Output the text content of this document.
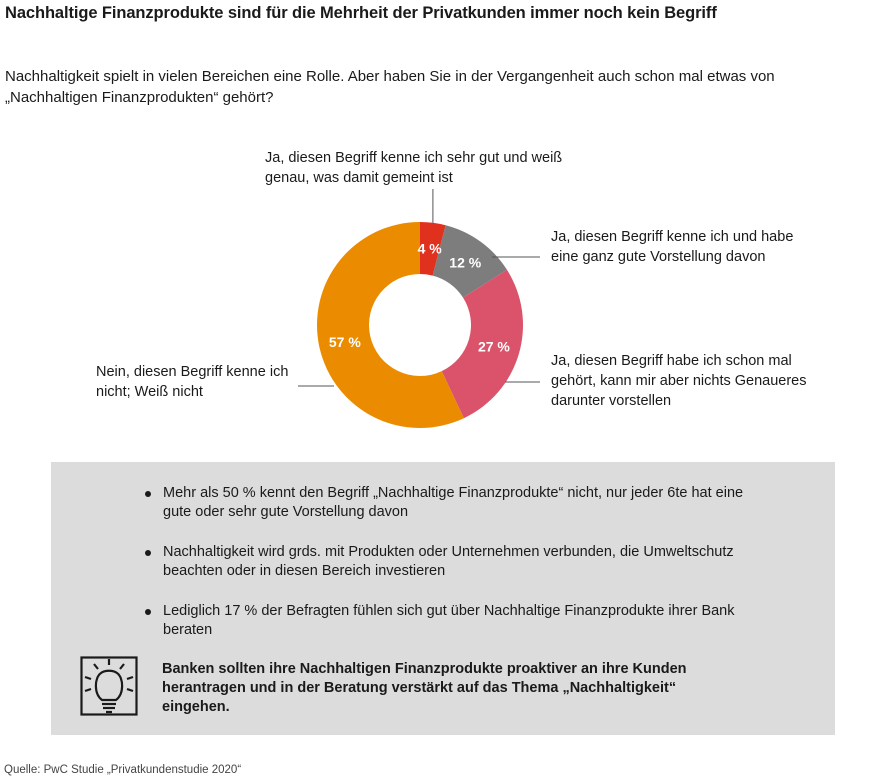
Nachhaltige Finanzprodukte sind für die Mehrheit der Privatkunden immer noch kein Begriff
Nachhaltigkeit spielt in vielen Bereichen eine Rolle. Aber haben Sie in der Vergangenheit auch schon mal etwas von „Nachhaltigen Finanzprodukten“ gehört?
4 %
12 %
27 %
57 %
Ja, diesen Begriff kenne ich sehr gut und weiß genau, was damit gemeint ist
Ja, diesen Begriff kenne ich und habe eine ganz gute Vorstellung davon
Ja, diesen Begriff habe ich schon mal gehört, kann mir aber nichts Genaueres darunter vorstellen
Nein, diesen Begriff kenne ich nicht; Weiß nicht
Mehr als 50 % kennt den Begriff „Nachhaltige Finanzprodukte“ nicht, nur jeder 6te hat eine gute oder sehr gute Vorstellung davon
Nachhaltigkeit wird grds. mit Produkten oder Unternehmen verbunden, die Umweltschutz beachten oder in diesen Bereich investieren
Lediglich 17 % der Befragten fühlen sich gut über Nachhaltige Finanzprodukte ihrer Bank beraten
Banken sollten ihre Nachhaltigen Finanzprodukte proaktiver an ihre Kunden herantragen und in der Beratung verstärkt auf das Thema „Nachhaltigkeit“ eingehen.
Quelle: PwC Studie „Privatkundenstudie 2020“
